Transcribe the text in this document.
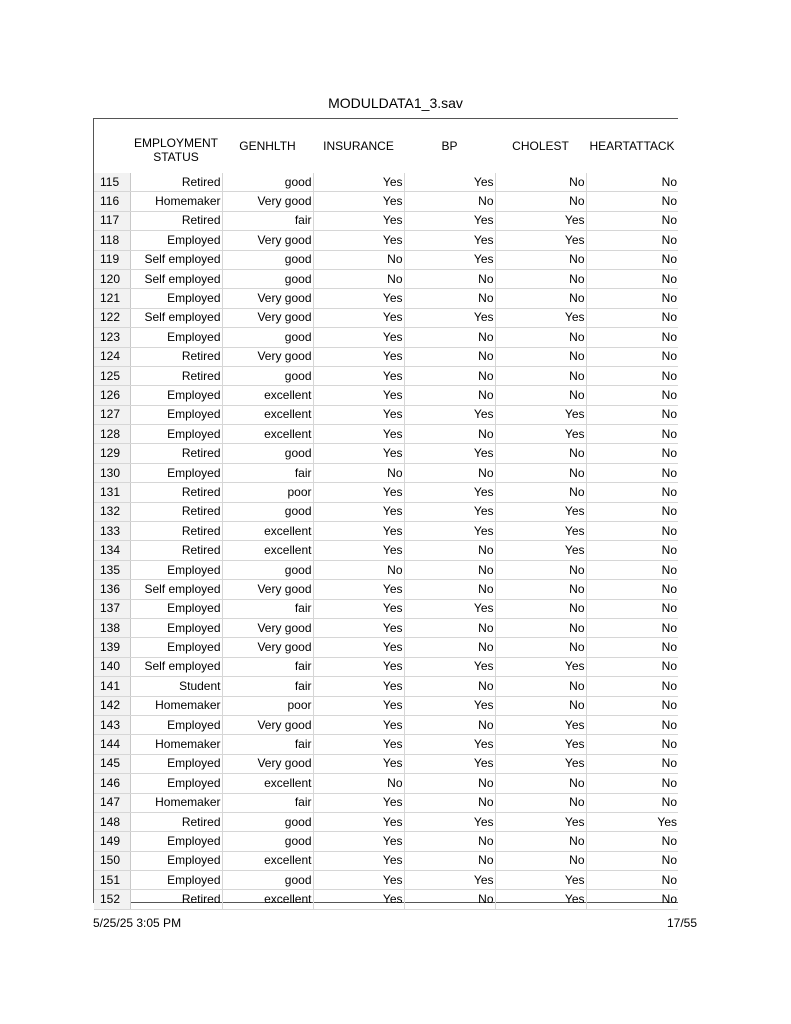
MODULDATA1_3.sav
	EMPLOYMENTSTATUS	GENHLTH	INSURANCE	BP	CHOLEST	HEARTATTACK
115	Retired	good	Yes	Yes	No	No
116	Homemaker	Very good	Yes	No	No	No
117	Retired	fair	Yes	Yes	Yes	No
118	Employed	Very good	Yes	Yes	Yes	No
119	Self employed	good	No	Yes	No	No
120	Self employed	good	No	No	No	No
121	Employed	Very good	Yes	No	No	No
122	Self employed	Very good	Yes	Yes	Yes	No
123	Employed	good	Yes	No	No	No
124	Retired	Very good	Yes	No	No	No
125	Retired	good	Yes	No	No	No
126	Employed	excellent	Yes	No	No	No
127	Employed	excellent	Yes	Yes	Yes	No
128	Employed	excellent	Yes	No	Yes	No
129	Retired	good	Yes	Yes	No	No
130	Employed	fair	No	No	No	No
131	Retired	poor	Yes	Yes	No	No
132	Retired	good	Yes	Yes	Yes	No
133	Retired	excellent	Yes	Yes	Yes	No
134	Retired	excellent	Yes	No	Yes	No
135	Employed	good	No	No	No	No
136	Self employed	Very good	Yes	No	No	No
137	Employed	fair	Yes	Yes	No	No
138	Employed	Very good	Yes	No	No	No
139	Employed	Very good	Yes	No	No	No
140	Self employed	fair	Yes	Yes	Yes	No
141	Student	fair	Yes	No	No	No
142	Homemaker	poor	Yes	Yes	No	No
143	Employed	Very good	Yes	No	Yes	No
144	Homemaker	fair	Yes	Yes	Yes	No
145	Employed	Very good	Yes	Yes	Yes	No
146	Employed	excellent	No	No	No	No
147	Homemaker	fair	Yes	No	No	No
148	Retired	good	Yes	Yes	Yes	Yes
149	Employed	good	Yes	No	No	No
150	Employed	excellent	Yes	No	No	No
151	Employed	good	Yes	Yes	Yes	No
152	Retired	excellent	Yes	No	Yes	No
5/25/25 3:05 PM	17/55
